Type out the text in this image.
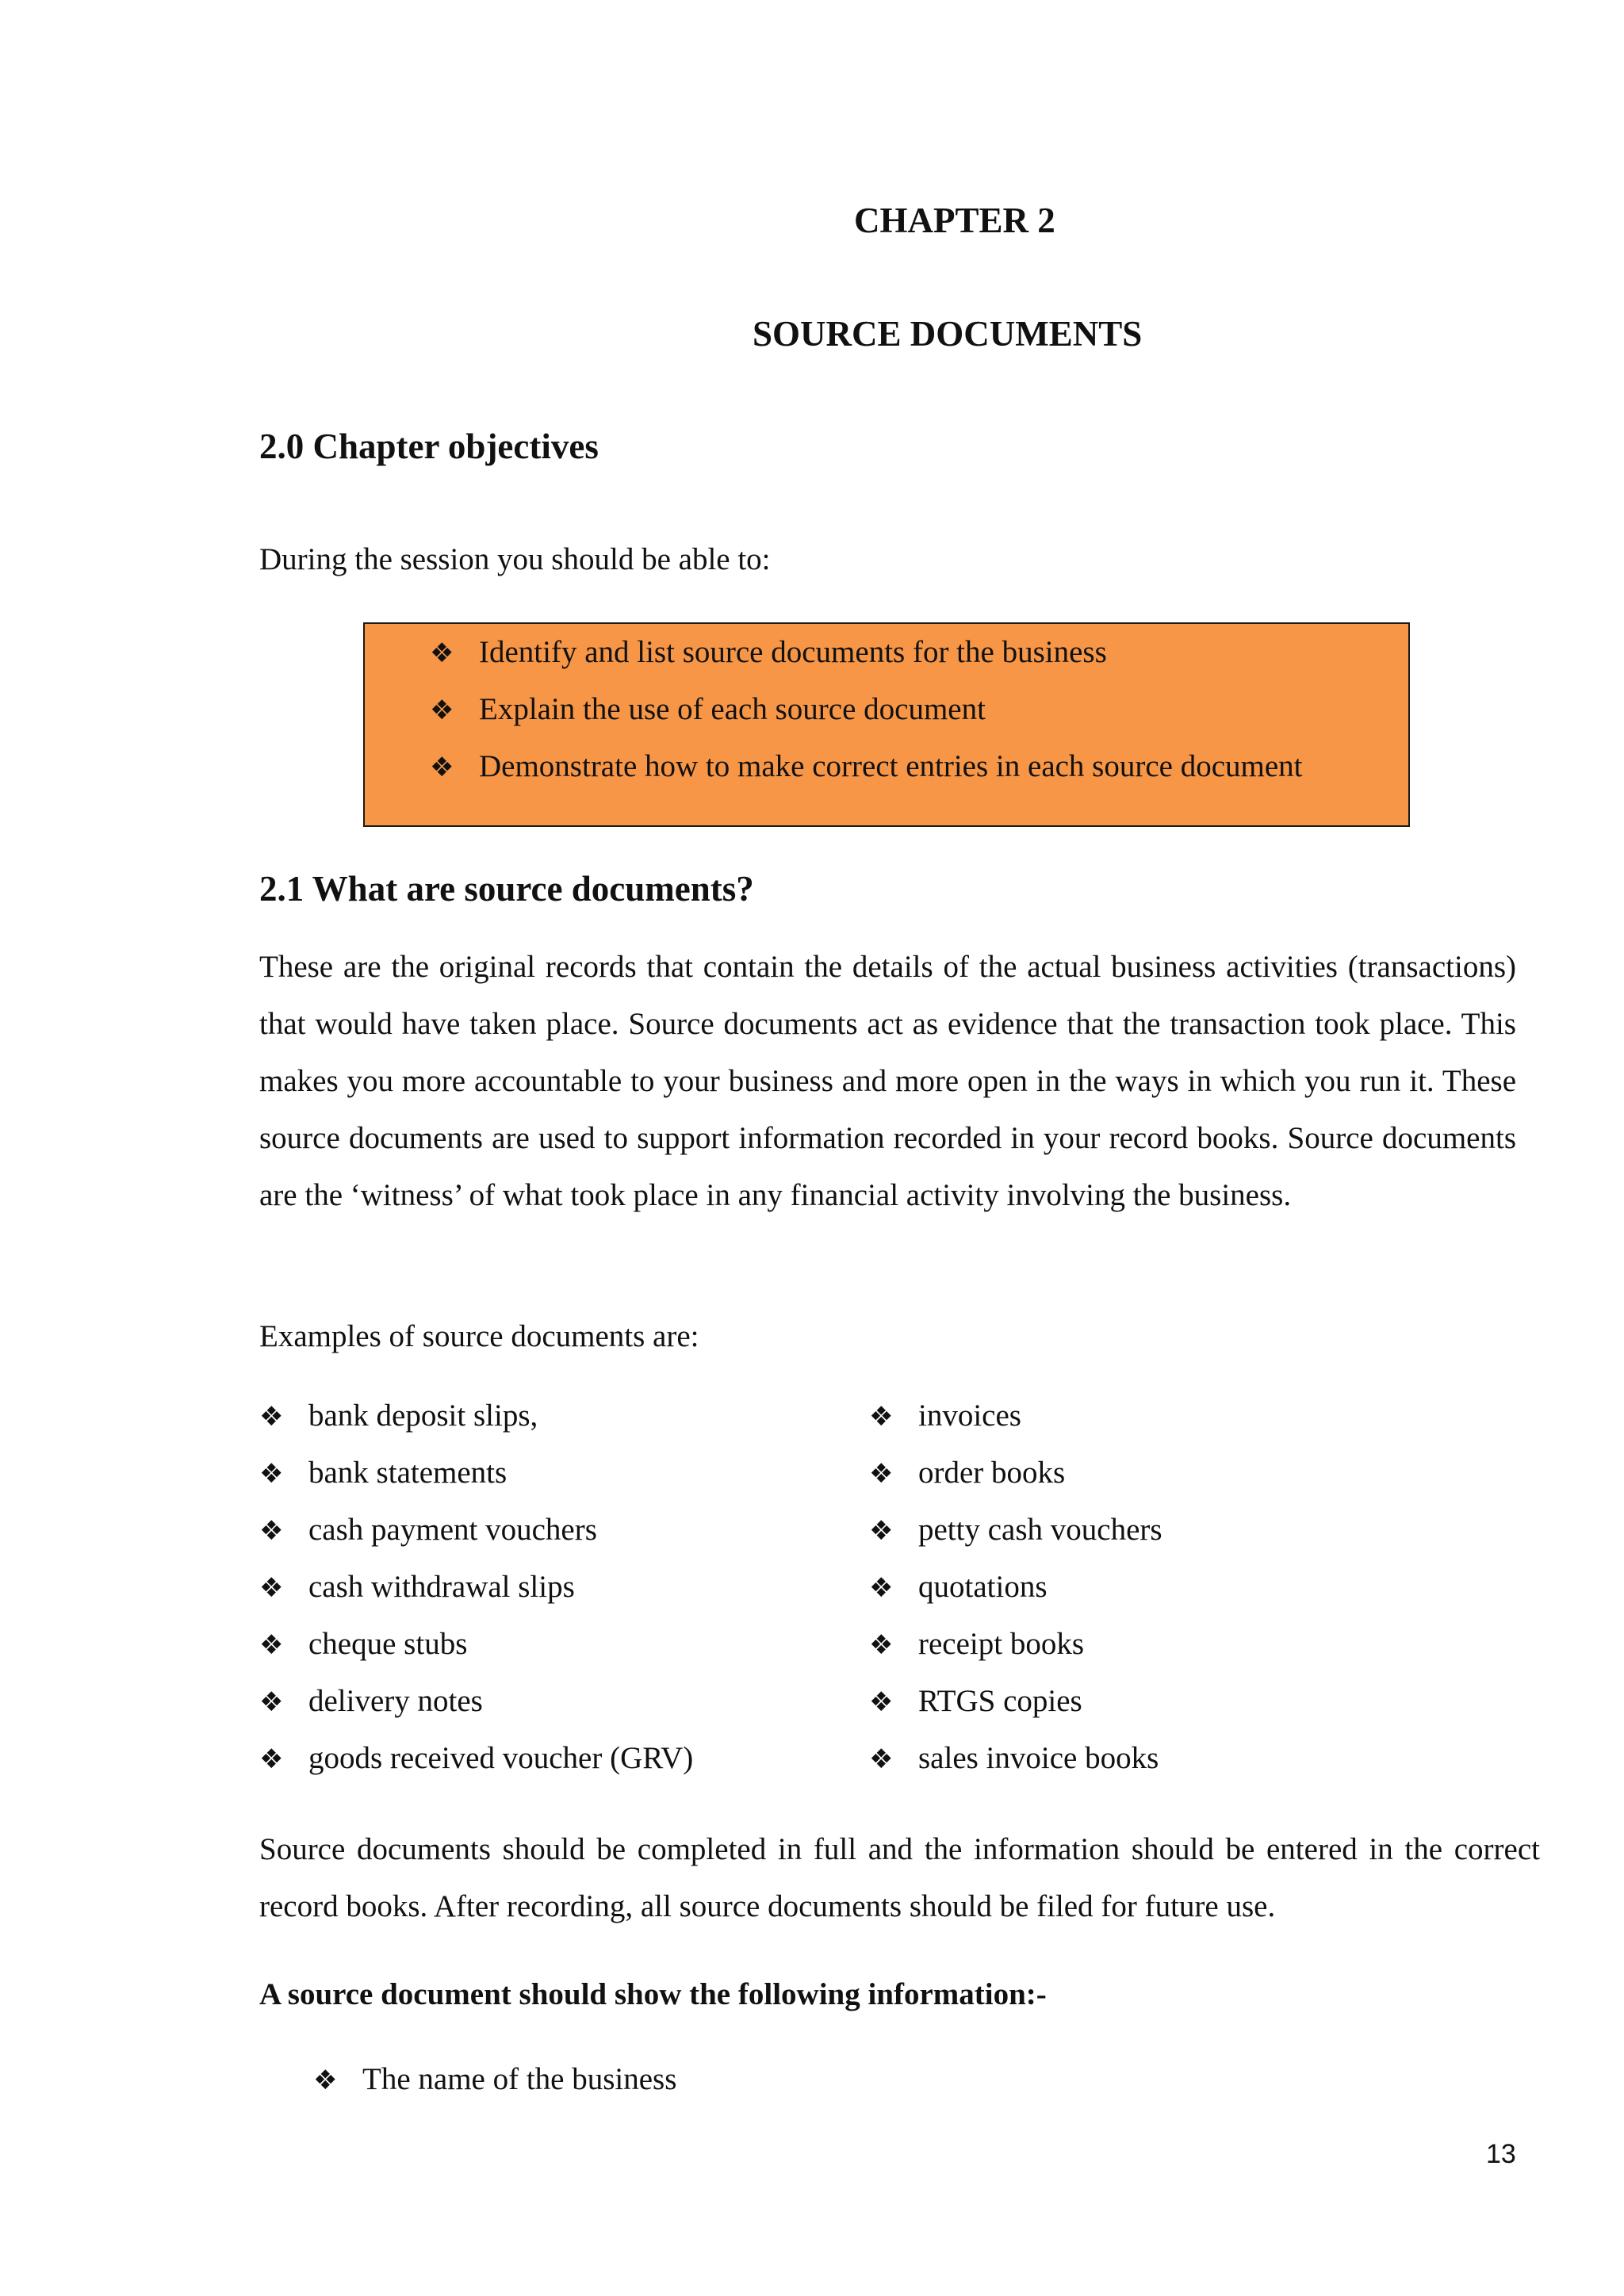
CHAPTER 2
SOURCE DOCUMENTS
2.0 Chapter objectives
During the session you should be able to:
❖ Identify and list source documents for the business
❖ Explain the use of each source document
❖ Demonstrate how to make correct entries in each source document
2.1 What are source documents?

These are the original records that contain the details of the actual business activities (transactions) that would have taken place. Source documents act as evidence that the transaction took place. This makes you more accountable to your business and more open in the ways in which you run it. These source documents are used to support information recorded in your record books. Source documents are the ‘witness’ of what took place in any financial activity involving the business.

Examples of source documents are:
❖ bank deposit slips,
❖ bank statements
❖ cash payment vouchers
❖ cash withdrawal slips
❖ cheque stubs
❖ delivery notes
❖ goods received voucher (GRV)
❖ invoices
❖ order books
❖ petty cash vouchers
❖ quotations
❖ receipt books
❖ RTGS copies
❖ sales invoice books

Source documents should be completed in full and the information should be entered in the correct record books. After recording, all source documents should be filed for future use.

A source document should show the following information:-
❖ The name of the business
13
